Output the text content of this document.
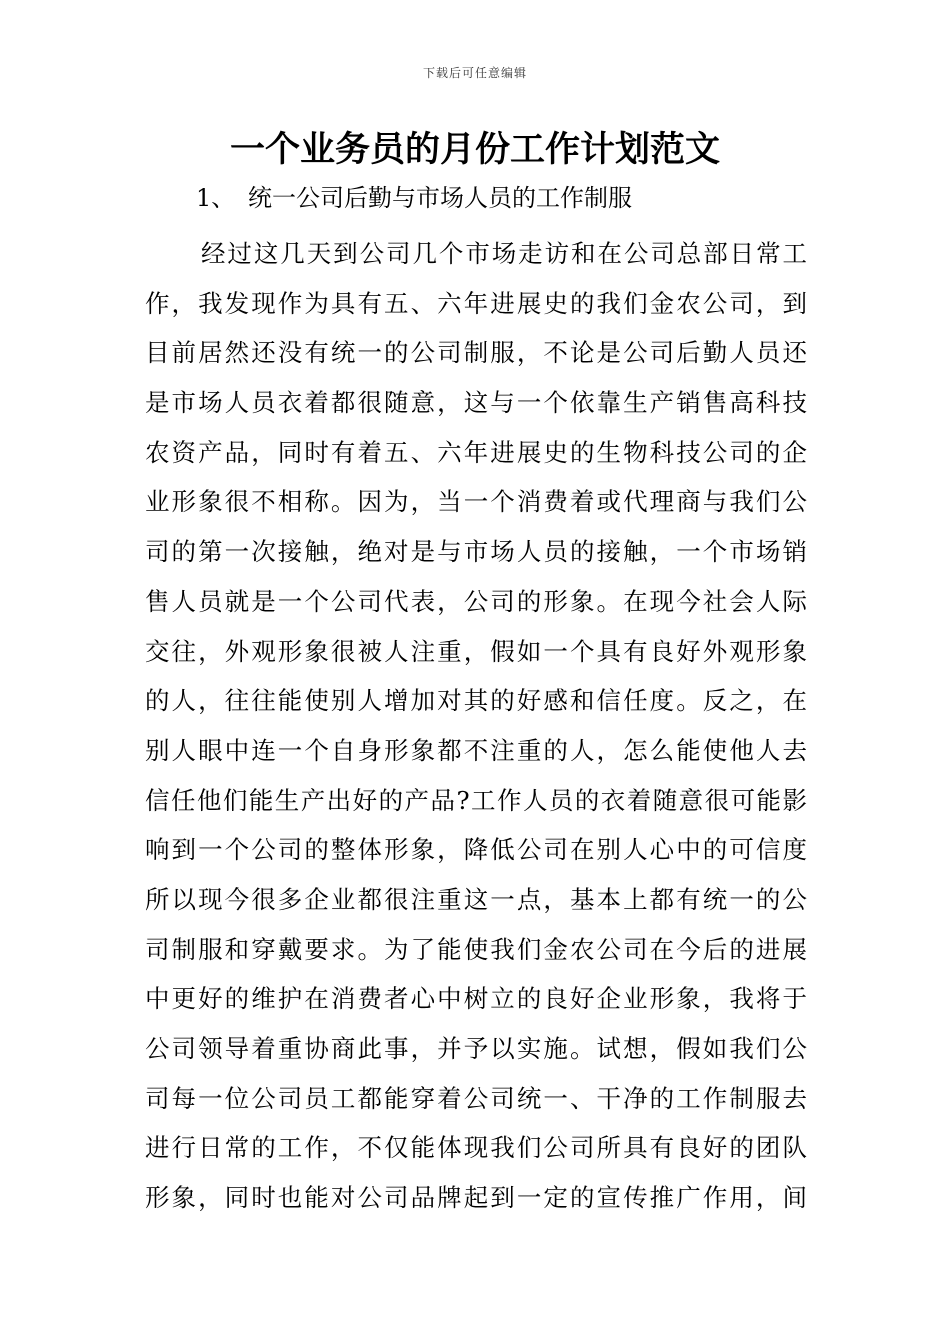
下载后可任意编辑
一个业务员的月份工作计划范文
1、 统一公司后勤与市场人员的工作制服
经过这几天到公司几个市场走访和在公司总部日常工
作，我发现作为具有五、六年进展史的我们金农公司，到
目前居然还没有统一的公司制服，不论是公司后勤人员还
是市场人员衣着都很随意，这与一个依靠生产销售高科技
农资产品，同时有着五、六年进展史的生物科技公司的企
业形象很不相称。因为，当一个消费着或代理商与我们公
司的第一次接触，绝对是与市场人员的接触，一个市场销
售人员就是一个公司代表，公司的形象。在现今社会人际
交往，外观形象很被人注重，假如一个具有良好外观形象
的人，往往能使别人增加对其的好感和信任度。反之，在
别人眼中连一个自身形象都不注重的人，怎么能使他人去
信任他们能生产出好的产品?工作人员的衣着随意很可能影
响到一个公司的整体形象，降低公司在别人心中的可信度
所以现今很多企业都很注重这一点，基本上都有统一的公
司制服和穿戴要求。为了能使我们金农公司在今后的进展
中更好的维护在消费者心中树立的良好企业形象，我将于
公司领导着重协商此事，并予以实施。试想，假如我们公
司每一位公司员工都能穿着公司统一、干净的工作制服去
进行日常的工作，不仅能体现我们公司所具有良好的团队
形象，同时也能对公司品牌起到一定的宣传推广作用，间
